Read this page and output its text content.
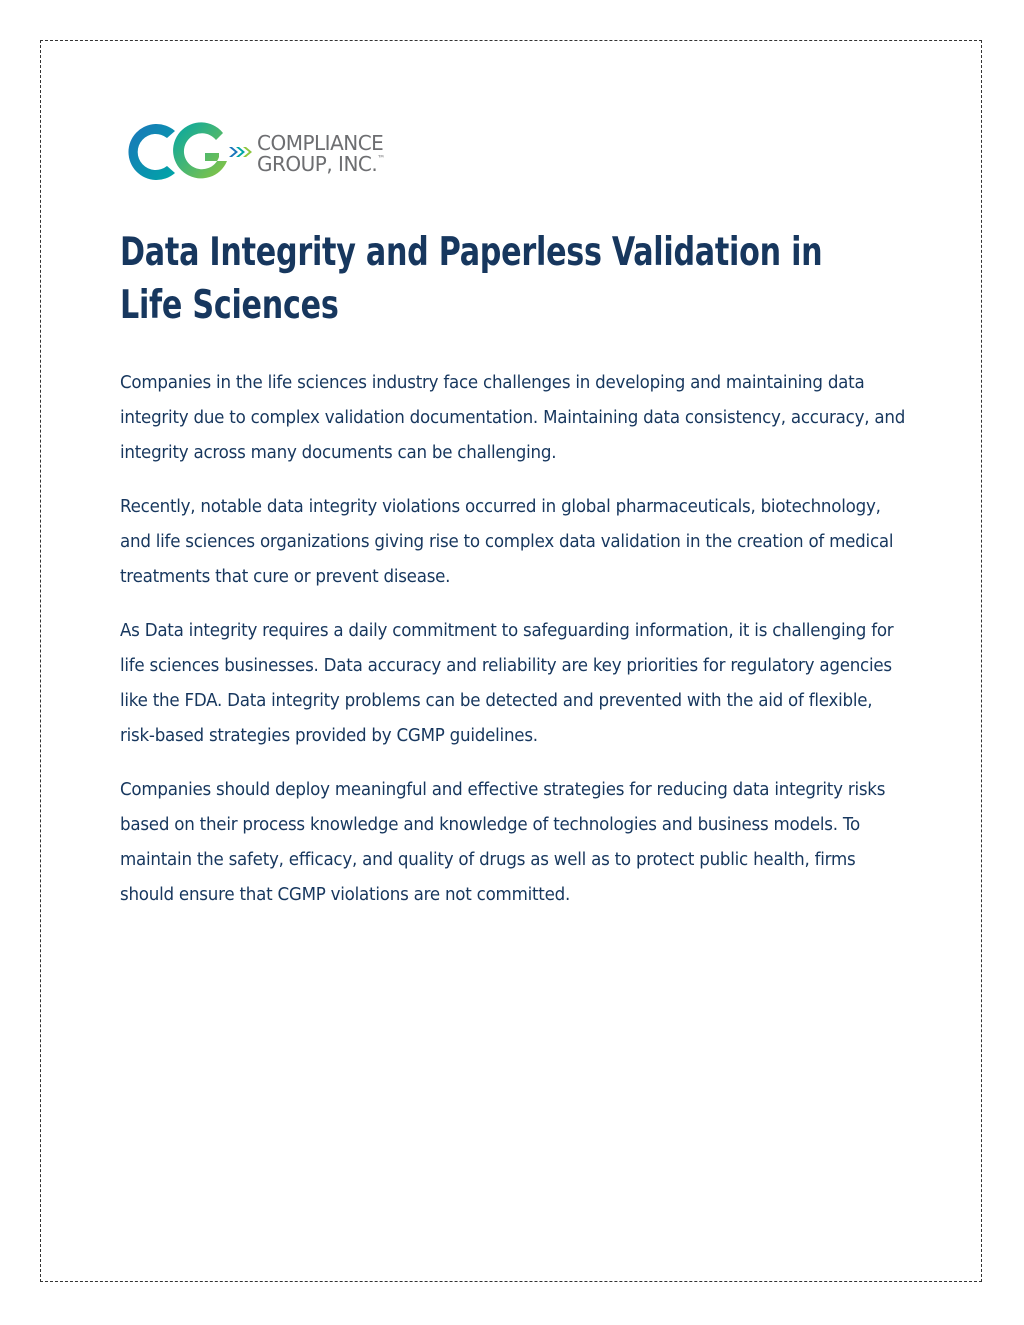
COMPLIANCE
GROUP, INC.™
Data Integrity and Paperless Validation in Life Sciences

Companies in the life sciences industry face challenges in developing and maintaining data integrity due to complex validation documentation. Maintaining data consistency, accuracy, and integrity across many documents can be challenging.

Recently, notable data integrity violations occurred in global pharmaceuticals, biotechnology, and life sciences organizations giving rise to complex data validation in the creation of medical treatments that cure or prevent disease.

As Data integrity requires a daily commitment to safeguarding information, it is challenging for life sciences businesses. Data accuracy and reliability are key priorities for regulatory agencies like the FDA. Data integrity problems can be detected and prevented with the aid of flexible, risk-based strategies provided by CGMP guidelines.

Companies should deploy meaningful and effective strategies for reducing data integrity risks based on their process knowledge and knowledge of technologies and business models. To maintain the safety, efficacy, and quality of drugs as well as to protect public health, firms should ensure that CGMP violations are not committed.
